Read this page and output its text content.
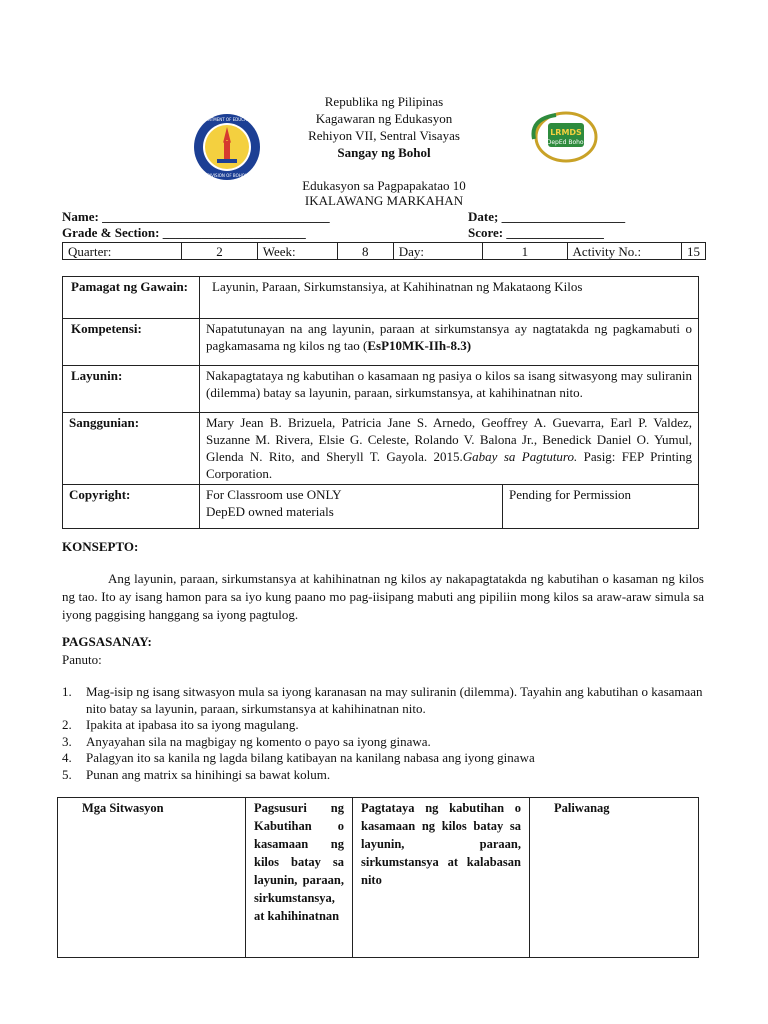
DEPARTMENT OF EDUCATION
DIVISION OF BOHOL
LRMDS
DepEd Bohol
Republika ng Pilipinas
Kagawaran ng Edukasyon
Rehiyon VII, Sentral Visayas
Sangay ng Bohol
Edukasyon sa Pagpapakatao 10
IKALAWANG MARKAHAN
Name: ___________________________________	Date; ___________________
Grade & Section: ______________________	Score: _______________
Quarter:	2	Week:	8	Day:	1	Activity No.:	15
Pamagat ng Gawain:	Layunin, Paraan, Sirkumstansiya, at Kahihinatnan ng Makataong Kilos	
Kompetensi:	Napatutunayan na ang layunin, paraan at sirkumstansya ay nagtatakda ng pagkamabuti o pagkamasama ng kilos ng tao (EsP10MK-IIh-8.3)	
Layunin:	Nakapagtataya ng kabutihan o kasamaan ng pasiya o kilos sa isang sitwasyong may suliranin (dilemma) batay sa layunin, paraan, sirkumstansya, at kahihinatnan nito.	
Sanggunian:	Mary Jean B. Brizuela, Patricia Jane S. Arnedo, Geoffrey A. Guevarra, Earl P. Valdez, Suzanne M. Rivera, Elsie G. Celeste, Rolando V. Balona Jr., Benedick Daniel O. Yumul, Glenda N. Rito, and Sheryll T. Gayola. 2015.Gabay sa Pagtuturo. Pasig: FEP Printing Corporation.	
Copyright:	For Classroom use ONLY
DepED owned materials	Pending for Permission
KONSEPTO:
Ang layunin, paraan, sirkumstansya at kahihinatnan ng kilos ay nakapagtatakda ng kabutihan o kasaman ng kilos ng tao. Ito ay isang hamon para sa iyo kung paano mo pag-iisipang mabuti ang pipiliin mong kilos sa araw-araw simula sa iyong paggising hanggang sa iyong pagtulog.
PAGSASANAY:
Panuto:
1.	Mag-isip ng isang sitwasyon mula sa iyong karanasan na may suliranin (dilemma). Tayahin ang kabutihan o kasamaan nito batay sa layunin, paraan, sirkumstansya at kahihinatnan nito.
2.	Ipakita at ipabasa ito sa iyong magulang.
3.	Anyayahan sila na magbigay ng komento o payo sa iyong ginawa.
4.	Palagyan ito sa kanila ng lagda bilang katibayan na kanilang nabasa ang iyong ginawa
5.	Punan ang matrix sa hinihingi sa bawat kolum.
Mga Sitwasyon	Pagsusuri ng Kabutihan o kasamaan ng kilos batay sa layunin, paraan, sirkumstansya, at kahihinatnan	Pagtataya ng kabutihan o kasamaan ng kilos batay sa layunin, paraan, sirkumstansya at kalabasan nito	Paliwanag
